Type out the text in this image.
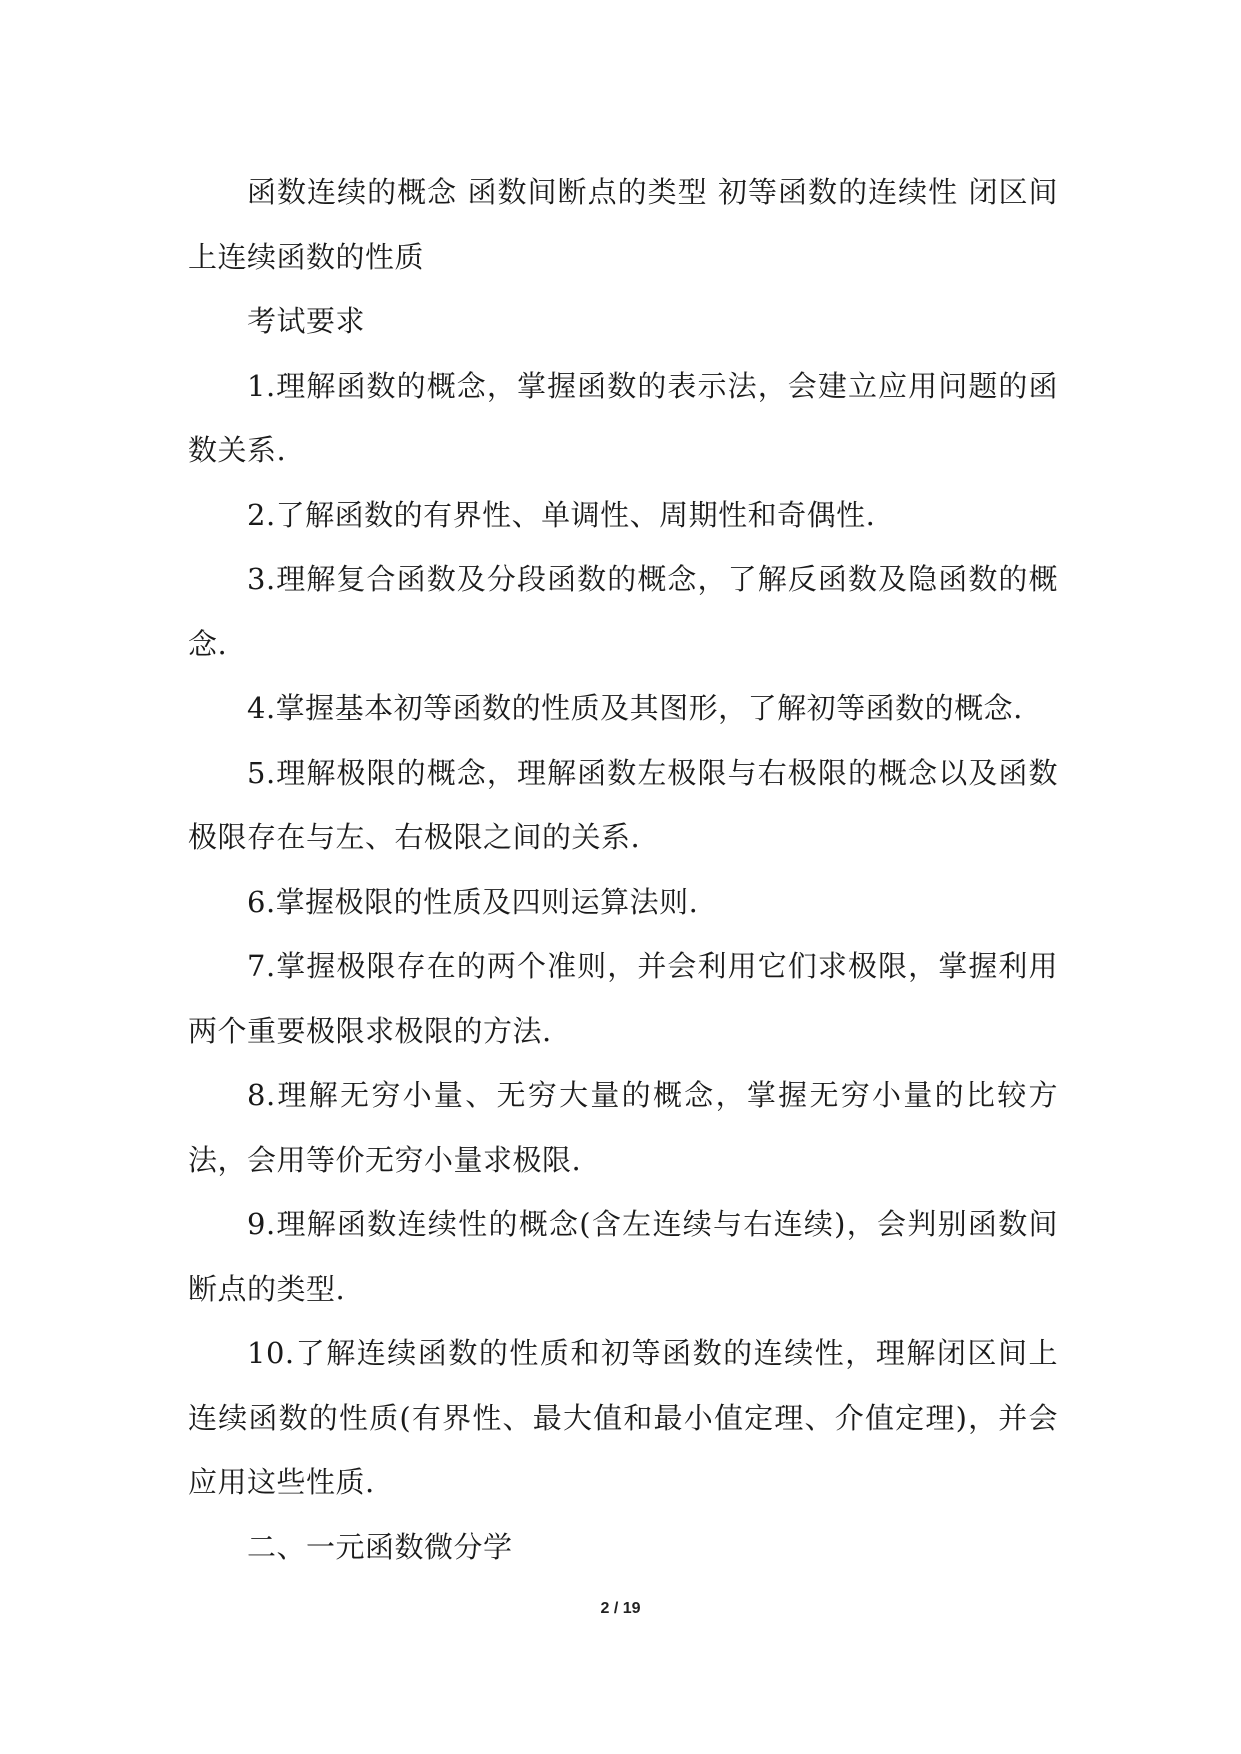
函数连续的概念 函数间断点的类型 初等函数的连续性 闭区间上连续函数的性质

考试要求

1.理解函数的概念，掌握函数的表示法，会建立应用问题的函数关系.

2.了解函数的有界性、单调性、周期性和奇偶性.

3.理解复合函数及分段函数的概念，了解反函数及隐函数的概念.

4.掌握基本初等函数的性质及其图形，了解初等函数的概念.

5.理解极限的概念，理解函数左极限与右极限的概念以及函数极限存在与左、右极限之间的关系.

6.掌握极限的性质及四则运算法则.

7.掌握极限存在的两个准则，并会利用它们求极限，掌握利用两个重要极限求极限的方法.

8.理解无穷小量、无穷大量的概念，掌握无穷小量的比较方法，会用等价无穷小量求极限.

9.理解函数连续性的概念(含左连续与右连续)，会判别函数间断点的类型.

10.了解连续函数的性质和初等函数的连续性，理解闭区间上连续函数的性质(有界性、最大值和最小值定理、介值定理)，并会应用这些性质.

二、一元函数微分学

2 / 19
